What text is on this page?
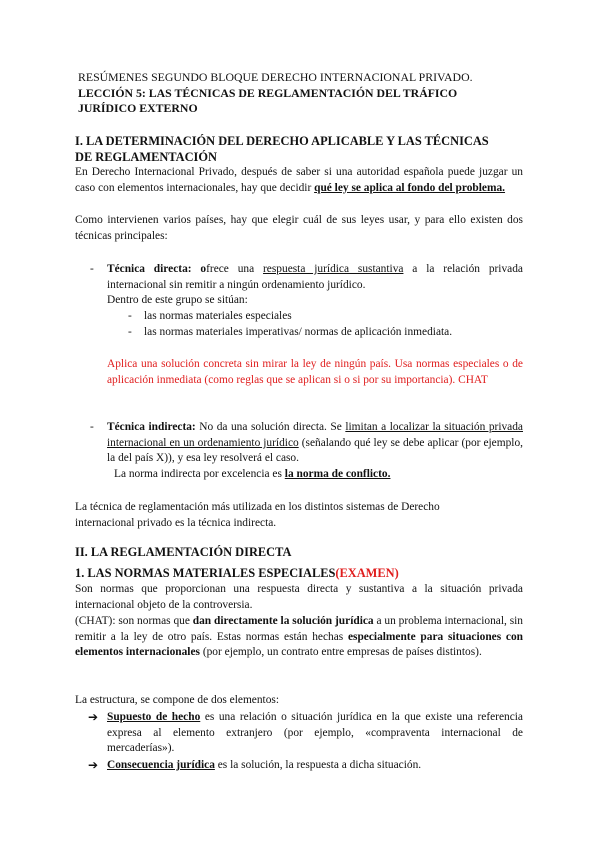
RESÚMENES SEGUNDO BLOQUE DERECHO INTERNACIONAL PRIVADO.
LECCIÓN 5: LAS TÉCNICAS DE REGLAMENTACIÓN DEL TRÁFICO JURÍDICO EXTERNO
I. LA DETERMINACIÓN DEL DERECHO APLICABLE Y LAS TÉCNICAS DE REGLAMENTACIÓN

En Derecho Internacional Privado, después de saber si una autoridad española puede juzgar un caso con elementos internacionales, hay que decidir qué ley se aplica al fondo del problema.

Como intervienen varios países, hay que elegir cuál de sus leyes usar, y para ello existen dos técnicas principales:

- Técnica directa: ofrece una respuesta jurídica sustantiva a la relación privada internacional sin remitir a ningún ordenamiento jurídico.
Dentro de este grupo se sitúan:
- las normas materiales especiales
- las normas materiales imperativas/ normas de aplicación inmediata.

Aplica una solución concreta sin mirar la ley de ningún país. Usa normas especiales o de aplicación inmediata (como reglas que se aplican si o si por su importancia). CHAT

- Técnica indirecta: No da una solución directa. Se limitan a localizar la situación privada internacional en un ordenamiento jurídico (señalando qué ley se debe aplicar (por ejemplo, la del país X)), y esa ley resolverá el caso.
La norma indirecta por excelencia es la norma de conflicto.

La técnica de reglamentación más utilizada en los distintos sistemas de Derecho internacional privado es la técnica indirecta.

II. LA REGLAMENTACIÓN DIRECTA
1. LAS NORMAS MATERIALES ESPECIALES(EXAMEN)

Son normas que proporcionan una respuesta directa y sustantiva a la situación privada internacional objeto de la controversia.

(CHAT): son normas que dan directamente la solución jurídica a un problema internacional, sin remitir a la ley de otro país. Estas normas están hechas especialmente para situaciones con elementos internacionales (por ejemplo, un contrato entre empresas de países distintos).

La estructura, se compone de dos elementos:

➔ Supuesto de hecho es una relación o situación jurídica en la que existe una referencia expresa al elemento extranjero (por ejemplo, «compraventa internacional de mercaderías»).
➔ Consecuencia jurídica es la solución, la respuesta a dicha situación.
